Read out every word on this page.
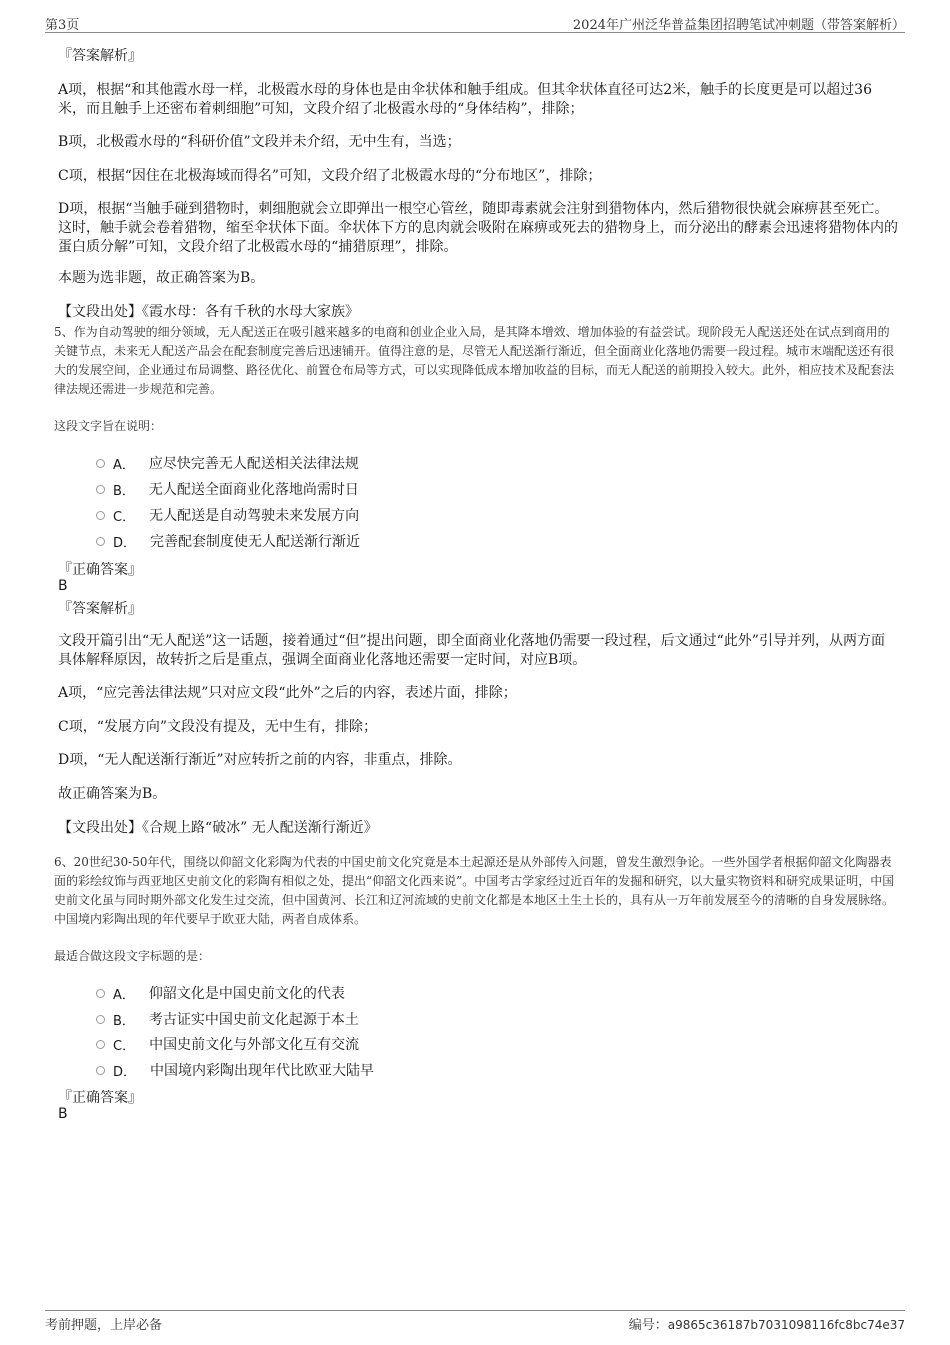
第3页	2024年广州泛华普益集团招聘笔试冲刺题（带答案解析）
『答案解析』
A项，根据“和其他霞水母一样，北极霞水母的身体也是由伞状体和触手组成。但其伞状体直径可达2米，触手的长度更是可以超过36米，而且触手上还密布着刺细胞”可知，文段介绍了北极霞水母的“身体结构”，排除；
B项，北极霞水母的“科研价值”文段并未介绍，无中生有，当选；
C项，根据“因住在北极海域而得名”可知，文段介绍了北极霞水母的“分布地区”，排除；
D项，根据“当触手碰到猎物时，刺细胞就会立即弹出一根空心管丝，随即毒素就会注射到猎物体内，然后猎物很快就会麻痹甚至死亡。这时，触手就会卷着猎物，缩至伞状体下面。伞状体下方的息肉就会吸附在麻痹或死去的猎物身上，而分泌出的酵素会迅速将猎物体内的蛋白质分解”可知，文段介绍了北极霞水母的“捕猎原理”，排除。
本题为选非题，故正确答案为B。
【文段出处】《霞水母：各有千秋的水母大家族》
5、作为自动驾驶的细分领域，无人配送正在吸引越来越多的电商和创业企业入局，是其降本增效、增加体验的有益尝试。现阶段无人配送还处在试点到商用的关键节点，未来无人配送产品会在配套制度完善后迅速铺开。值得注意的是，尽管无人配送渐行渐近，但全面商业化落地仍需要一段过程。城市末端配送还有很大的发展空间，企业通过布局调整、路径优化、前置仓布局等方式，可以实现降低成本增加收益的目标，而无人配送的前期投入较大。此外，相应技术及配套法律法规还需进一步规范和完善。
这段文字旨在说明：
A． 应尽快完善无人配送相关法律法规
B． 无人配送全面商业化落地尚需时日
C． 无人配送是自动驾驶未来发展方向
D． 完善配套制度使无人配送渐行渐近
『正确答案』
B
『答案解析』
文段开篇引出“无人配送”这一话题，接着通过“但”提出问题，即全面商业化落地仍需要一段过程，后文通过“此外”引导并列，从两方面具体解释原因，故转折之后是重点，强调全面商业化落地还需要一定时间，对应B项。
A项，“应完善法律法规”只对应文段“此外”之后的内容，表述片面，排除；
C项，“发展方向”文段没有提及，无中生有，排除；
D项，“无人配送渐行渐近”对应转折之前的内容，非重点，排除。
故正确答案为B。
【文段出处】《合规上路“破冰” 无人配送渐行渐近》
6、20世纪30-50年代，围绕以仰韶文化彩陶为代表的中国史前文化究竟是本土起源还是从外部传入问题，曾发生激烈争论。一些外国学者根据仰韶文化陶器表面的彩绘纹饰与西亚地区史前文化的彩陶有相似之处，提出“仰韶文化西来说”。中国考古学家经过近百年的发掘和研究，以大量实物资料和研究成果证明，中国史前文化虽与同时期外部文化发生过交流，但中国黄河、长江和辽河流域的史前文化都是本地区土生土长的，具有从一万年前发展至今的清晰的自身发展脉络。中国境内彩陶出现的年代要早于欧亚大陆，两者自成体系。
最适合做这段文字标题的是：
A． 仰韶文化是中国史前文化的代表
B． 考古证实中国史前文化起源于本土
C． 中国史前文化与外部文化互有交流
D． 中国境内彩陶出现年代比欧亚大陆早
『正确答案』
B
考前押题，上岸必备	编号：a9865c36187b7031098116fc8bc74e37
